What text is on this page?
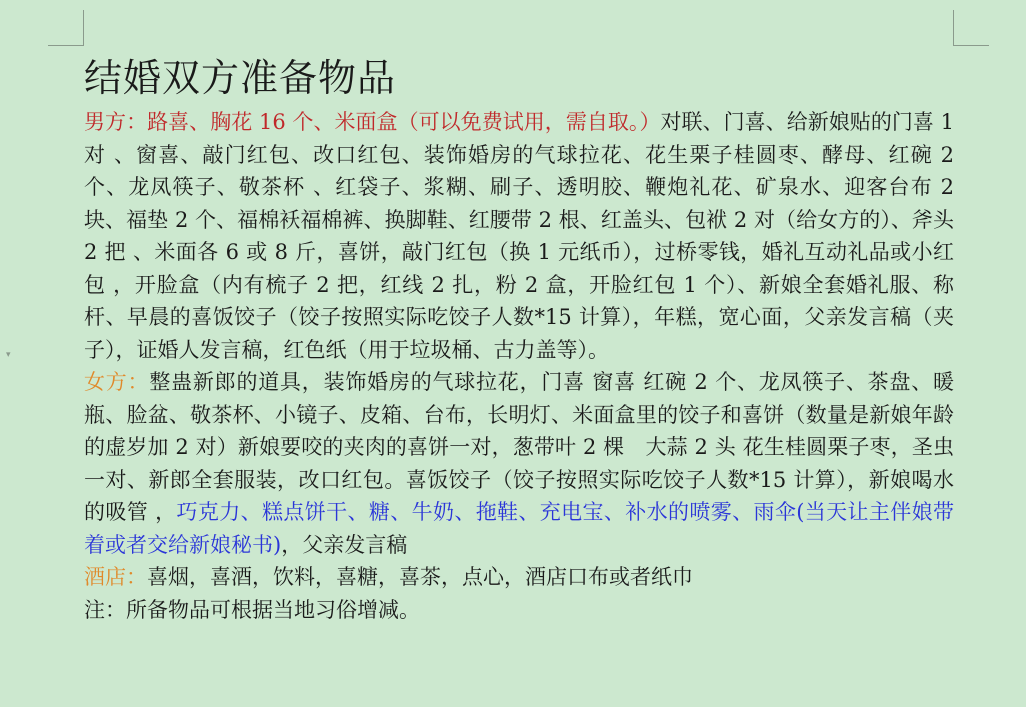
▾
结婚双方准备物品

男方：路喜、胸花 16 个、米面盒（可以免费试用，需自取。）对联、门喜、给新娘贴的门喜 1 对 、窗喜、敲门红包、改口红包、装饰婚房的气球拉花、花生栗子桂圆枣、酵母、红碗 2 个、龙凤筷子、敬茶杯 、红袋子、浆糊、刷子、透明胶、鞭炮礼花、矿泉水、迎客台布 2 块、福垫 2 个、福棉袄福棉裤、换脚鞋、红腰带 2 根、红盖头、包袱 2 对（给女方的）、斧头 2 把 、米面各 6 或 8 斤，喜饼，敲门红包（换 1 元纸币），过桥零钱，婚礼互动礼品或小红包 ，开脸盒（内有梳子 2 把，红线 2 扎，粉 2 盒，开脸红包 1 个）、新娘全套婚礼服、称杆、早晨的喜饭饺子（饺子按照实际吃饺子人数*15 计算），年糕，宽心面，父亲发言稿（夹子），证婚人发言稿，红色纸（用于垃圾桶、古力盖等）。

女方：整蛊新郎的道具，装饰婚房的气球拉花，门喜 窗喜 红碗 2 个、龙凤筷子、茶盘、暖瓶、脸盆、敬茶杯、小镜子、皮箱、台布，长明灯、米面盒里的饺子和喜饼（数量是新娘年龄的虚岁加 2 对）新娘要咬的夹肉的喜饼一对，葱带叶 2 棵　大蒜 2 头 花生桂圆栗子枣，圣虫一对、新郎全套服装，改口红包。喜饭饺子（饺子按照实际吃饺子人数*15 计算），新娘喝水的吸管 ，巧克力、糕点饼干、糖、牛奶、拖鞋、充电宝、补水的喷雾、雨伞(当天让主伴娘带着或者交给新娘秘书)，父亲发言稿

酒店：喜烟，喜酒，饮料，喜糖，喜茶，点心，酒店口布或者纸巾

注：所备物品可根据当地习俗增减。
